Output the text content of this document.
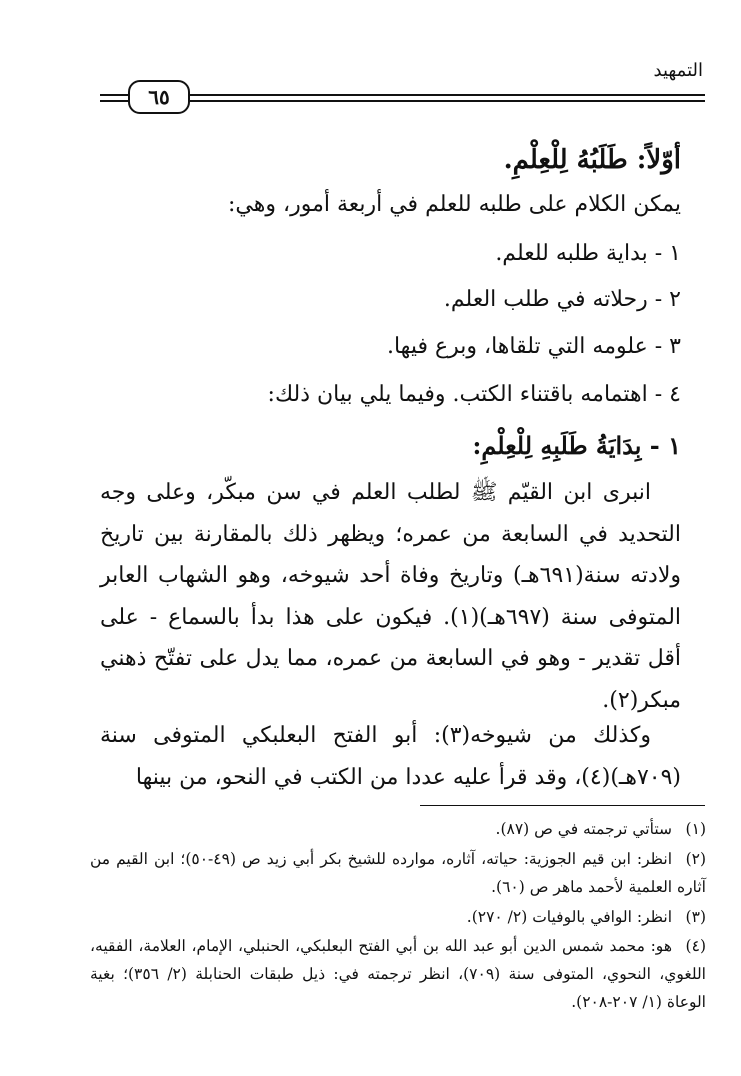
التمهيد
٦٥
أوّلاً: طَلَبُهُ لِلْعِلْمِ.
يمكن الكلام على طلبه للعلم في أربعة أمور، وهي:
١ - بداية طلبه للعلم.
٢ - رحلاته في طلب العلم.
٣ - علومه التي تلقاها، وبرع فيها.
٤ - اهتمامه باقتناء الكتب. وفيما يلي بيان ذلك:
١ - بِدَايَةُ طَلَبِهِ لِلْعِلْمِ:
انبرى ابن القيّم ﷺ لطلب العلم في سن مبكّر، وعلى وجه التحديد في السابعة من عمره؛ ويظهر ذلك بالمقارنة بين تاريخ ولادته سنة(٦٩١هـ) وتاريخ وفاة أحد شيوخه، وهو الشهاب العابر المتوفى سنة (٦٩٧هـ)(١). فيكون على هذا بدأ بالسماع - على أقل تقدير - وهو في السابعة من عمره، مما يدل على تفتّح ذهني مبكر(٢).
وكذلك من شيوخه(٣): أبو الفتح البعلبكي المتوفى سنة (٧٠٩هـ)(٤)، وقد قرأ عليه عددا من الكتب في النحو، من بينها
(١)ستأتي ترجمته في ص (٨٧).
(٢)انظر: ابن قيم الجوزية: حياته، آثاره، موارده للشيخ بكر أبي زيد ص (٤٩-٥٠)؛ ابن القيم من آثاره العلمية لأحمد ماهر ص (٦٠).
(٣)انظر: الوافي بالوفيات (٢/ ٢٧٠).
(٤)هو: محمد شمس الدين أبو عبد الله بن أبي الفتح البعلبكي، الحنبلي، الإمام، العلامة، الفقيه، اللغوي، النحوي، المتوفى سنة (٧٠٩)، انظر ترجمته في: ذيل طبقات الحنابلة (٢/ ٣٥٦)؛ بغية الوعاة (١/ ٢٠٧-٢٠٨).
